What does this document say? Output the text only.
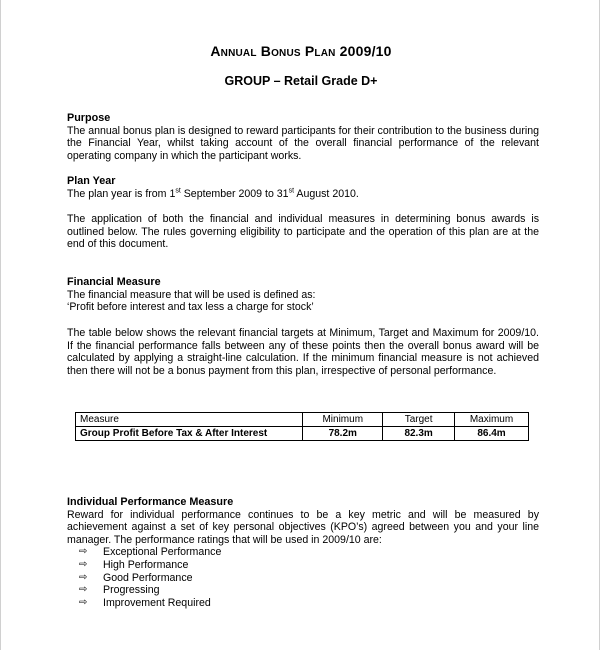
Annual Bonus Plan 2009/10
GROUP – Retail Grade D+
Purpose
The annual bonus plan is designed to reward participants for their contribution to the business during the Financial Year, whilst taking account of the overall financial performance of the relevant operating company in which the participant works.
Plan Year
The plan year is from 1st September 2009 to 31st August 2010.
The application of both the financial and individual measures in determining bonus awards is outlined below. The rules governing eligibility to participate and the operation of this plan are at the end of this document.
Financial Measure
The financial measure that will be used is defined as:
‘Profit before interest and tax less a charge for stock’
The table below shows the relevant financial targets at Minimum, Target and Maximum for 2009/10. If the financial performance falls between any of these points then the overall bonus award will be calculated by applying a straight-line calculation. If the minimum financial measure is not achieved then there will not be a bonus payment from this plan, irrespective of personal performance.
Measure	Minimum	Target	Maximum
Group Profit Before Tax & After Interest	78.2m	82.3m	86.4m
Individual Performance Measure
Reward for individual performance continues to be a key metric and will be measured by achievement against a set of key personal objectives (KPO’s) agreed between you and your line manager. The performance ratings that will be used in 2009/10 are:
⇨ Exceptional Performance
⇨ High Performance
⇨ Good Performance
⇨ Progressing
⇨ Improvement Required
